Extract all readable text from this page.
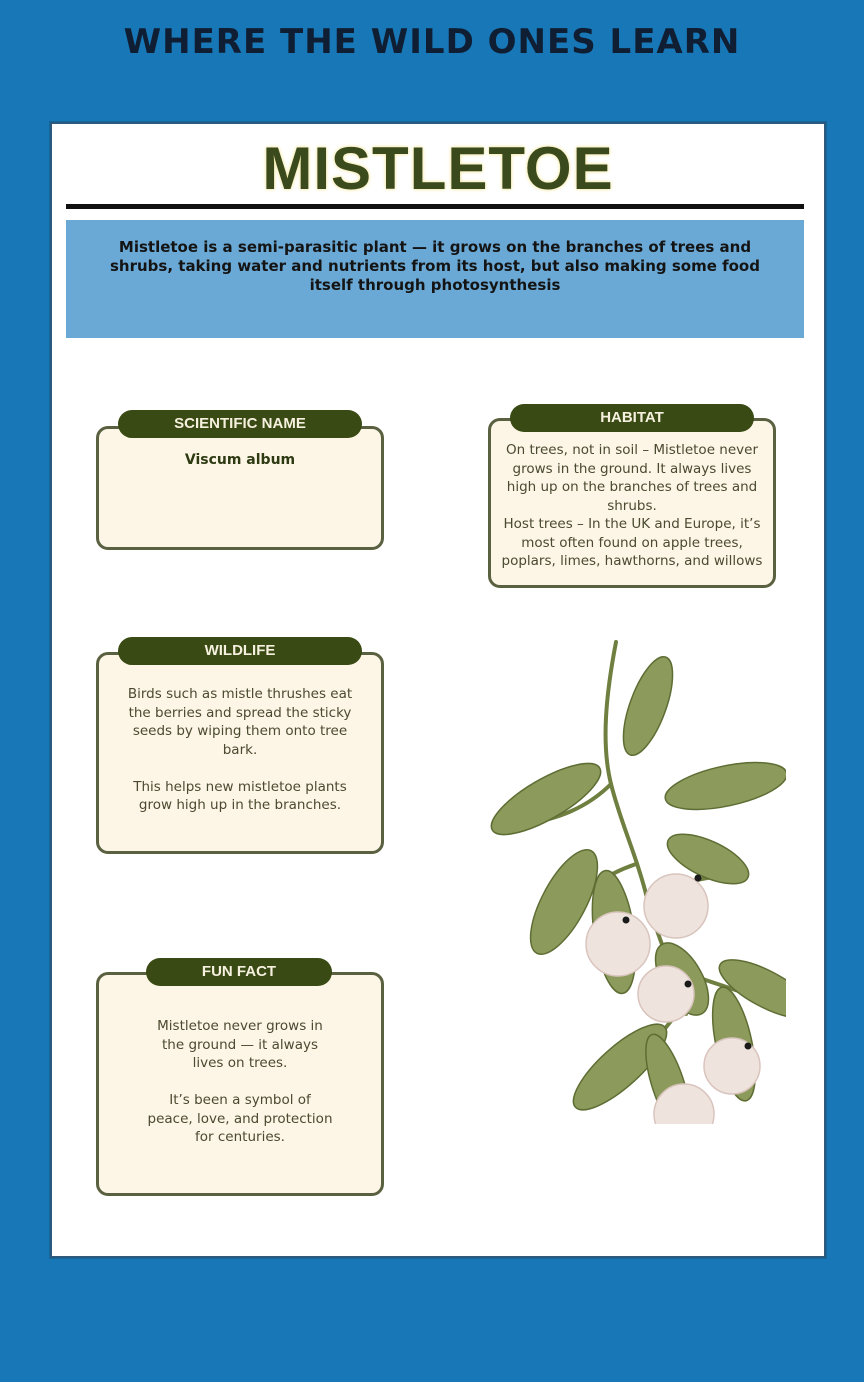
WHERE THE WILD ONES LEARN
MISTLETOE
Mistletoe is a semi-parasitic plant — it grows on the branches of trees and shrubs, taking water and nutrients from its host, but also making some food itself through photosynthesis
Viscum album
SCIENTIFIC NAME
On trees, not in soil – Mistletoe never grows in the ground. It always lives high up on the branches of trees and shrubs.
Host trees – In the UK and Europe, it’s most often found on apple trees, poplars, limes, hawthorns, and willows
HABITAT
Birds such as mistle thrushes eat the berries and spread the sticky seeds by wiping them onto tree bark.

This helps new mistletoe plants grow high up in the branches.
WILDLIFE
Mistletoe never grows in the ground — it always lives on trees.

It’s been a symbol of peace, love, and protection for centuries.
FUN FACT
